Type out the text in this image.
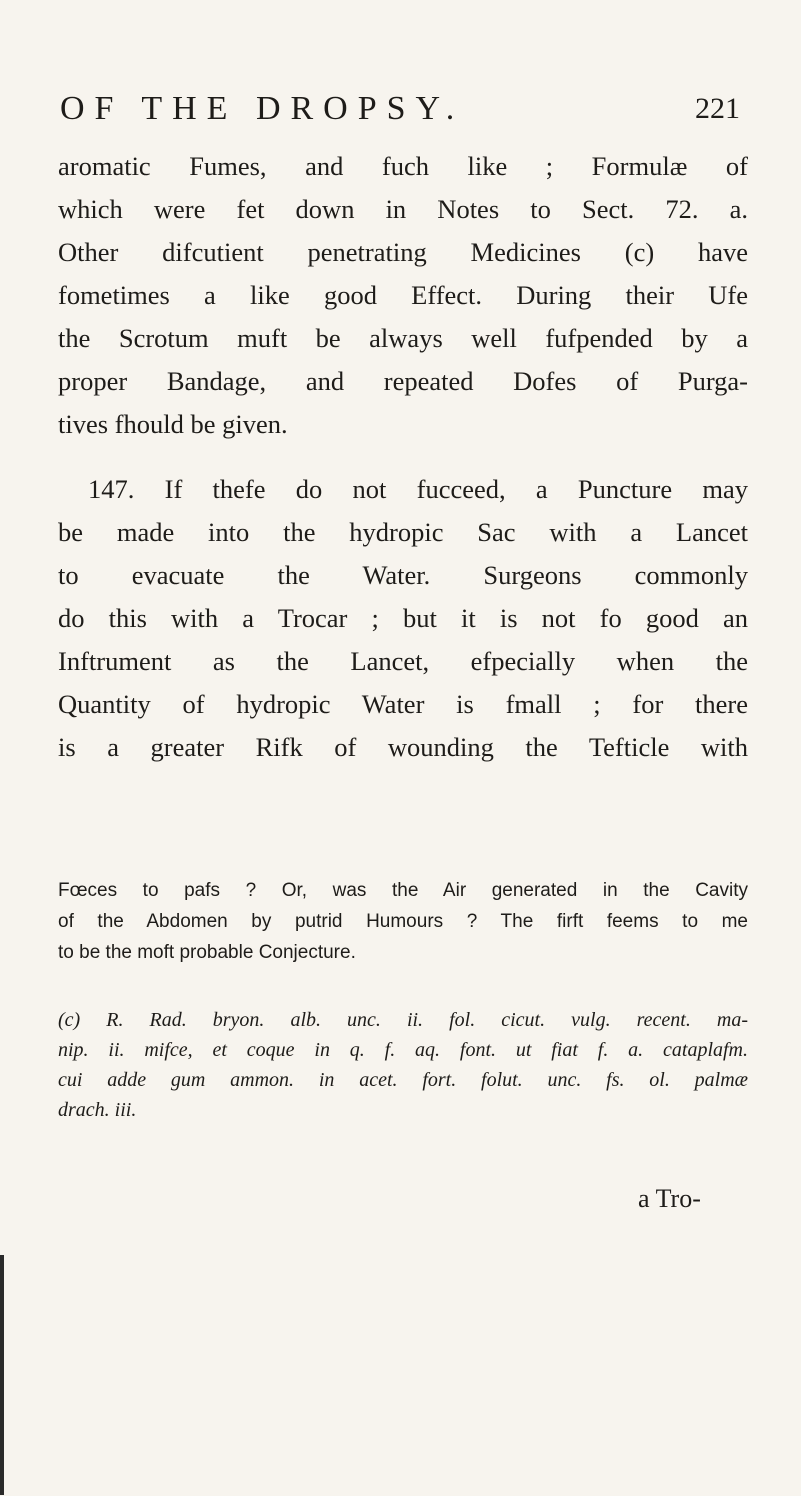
OF THE DROPSY.	221
aromatic Fumes, and fuch like ; Formulæ of
which were fet down in Notes to Sect. 72. a.
Other difcutient penetrating Medicines (c) have
fometimes a like good Effect. During their Ufe
the Scrotum muft be always well fufpended by a
proper Bandage, and repeated Dofes of Purga-
tives fhould be given.
147. If thefe do not fucceed, a Puncture may
be made into the hydropic Sac with a Lancet
to evacuate the Water. Surgeons commonly
do this with a Trocar ; but it is not fo good an
Inftrument as the Lancet, efpecially when the
Quantity of hydropic Water is fmall ; for there
is a greater Rifk of wounding the Tefticle with
Fœces to pafs ? Or, was the Air generated in the Cavity
of the Abdomen by putrid Humours ? The firft feems to me
to be the moft probable Conjecture.
(c) R. Rad. bryon. alb. unc. ii. fol. cicut. vulg. recent. ma-
nip. ii. mifce, et coque in q. f. aq. font. ut fiat f. a. cataplafm.
cui adde gum ammon. in acet. fort. folut. unc. fs. ol. palmæ
drach. iii.
a Tro-
